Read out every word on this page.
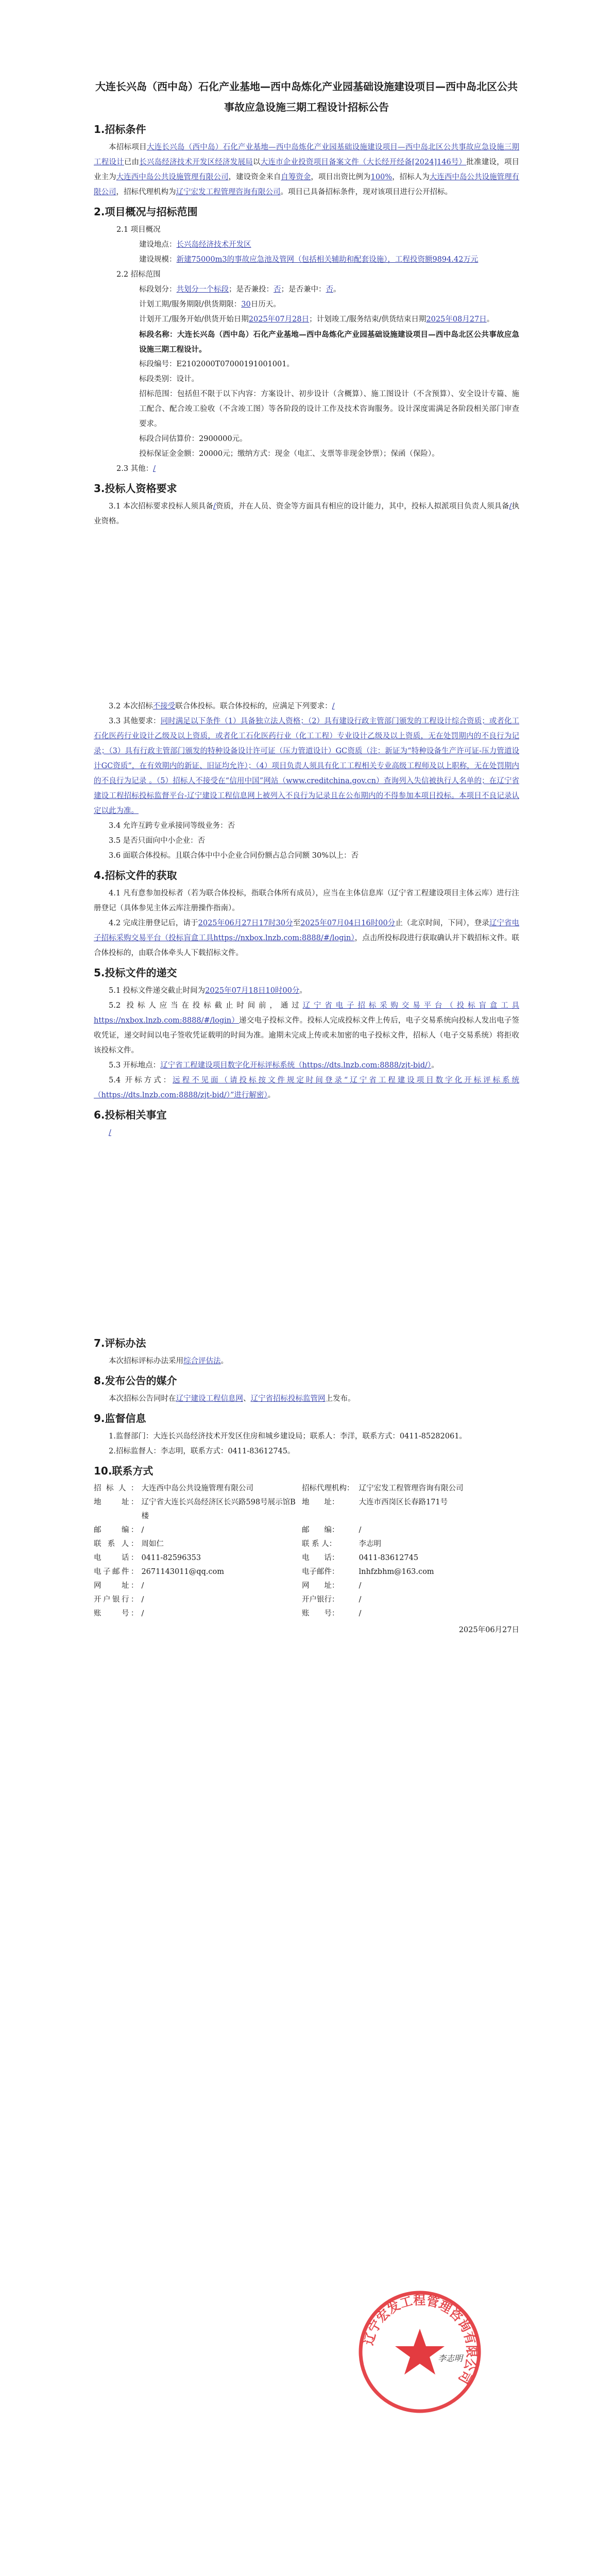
大连长兴岛（西中岛）石化产业基地—西中岛炼化产业园基础设施建设项目—西中岛北区公共事故应急设施三期工程设计招标公告
1.招标条件

本招标项目大连长兴岛（西中岛）石化产业基地—西中岛炼化产业园基础设施建设项目—西中岛北区公共事故应急设施三期工程设计已由长兴岛经济技术开发区经济发展局以大连市企业投资项目备案文件（大长经开经备[2024]146号）批准建设，项目业主为大连西中岛公共设施管理有限公司，建设资金来自自筹资金，项目出资比例为100%，招标人为大连西中岛公共设施管理有限公司，招标代理机构为辽宁宏发工程管理咨询有限公司。项目已具备招标条件，现对该项目进行公开招标。

2.项目概况与招标范围

2.1 项目概况

建设地点：长兴岛经济技术开发区

建设规模：新建75000m3的事故应急池及管网（包括相关辅助和配套设施），工程投资额9894.42万元

2.2 招标范围

标段划分：共划分一个标段；是否兼投：否；是否兼中：否。

计划工期/服务期限/供货期限：30日历天。

计划开工/服务开始/供货开始日期2025年07月28日；计划竣工/服务结束/供货结束日期2025年08月27日。

标段名称：大连长兴岛（西中岛）石化产业基地—西中岛炼化产业园基础设施建设项目—西中岛北区公共事故应急设施三期工程设计。

标段编号：E2102000T07000191001001。

标段类别：设计。

招标范围：包括但不限于以下内容：方案设计、初步设计（含概算）、施工图设计（不含预算）、安全设计专篇、施工配合、配合竣工验收（不含竣工图）等各阶段的设计工作及技术咨询服务。设计深度需满足各阶段相关部门审查要求。

标段合同估算价：2900000元。

投标保证金金额：20000元；缴纳方式：现金（电汇、支票等非现金钞票）；保函（保险）。

2.3 其他：/

3.投标人资格要求

3.1 本次招标要求投标人须具备/资质，并在人员、资金等方面具有相应的设计能力，其中，投标人拟派项目负责人须具备/执业资格。

3.2 本次招标不接受联合体投标。联合体投标的，应满足下列要求：/

3.3 其他要求：同时满足以下条件（1）具备独立法人资格；（2）具有建设行政主管部门颁发的工程设计综合资质；或者化工石化医药行业设计乙级及以上资质，或者化工石化医药行业（化工工程）专业设计乙级及以上资质，无在处罚期内的不良行为记录；（3）具有行政主管部门颁发的特种设备设计许可证（压力管道设计）GC资质（注：新证为“特种设备生产许可证-压力管道设计GC资质”，在有效期内的新证、旧证均允许）；（4）项目负责人须具有化工工程相关专业高级工程师及以上职称，无在处罚期内的不良行为记录 。（5）招标人不接受在“信用中国”网站（www.creditchina.gov.cn）查询列入失信被执行人名单的；在辽宁省建设工程招标投标监督平台-辽宁建设工程信息网上被列入不良行为记录且在公布期内的不得参加本项目投标。本项目不良记录认定以此为准。

3.4 允许互跨专业承接同等级业务：否

3.5 是否只面向中小企业：否

3.6 面联合体投标。且联合体中中小企业合同份额占总合同额 30%以上：否

4.招标文件的获取

4.1 凡有意参加投标者（若为联合体投标，指联合体所有成员），应当在主体信息库（辽宁省工程建设项目主体云库）进行注册登记（具体参见主体云库注册操作指南）。

4.2 完成注册登记后，请于2025年06月27日17时30分至2025年07月04日16时00分止（北京时间，下同），登录辽宁省电子招标采购交易平台（投标盲盒工具https://nxbox.lnzb.com:8888/#/login），点击所投标段进行获取确认并下载招标文件。联合体投标的，由联合体牵头人下载招标文件。

5.投标文件的递交

5.1 投标文件递交截止时间为2025年07月18日10时00分。

5.2 投标人应当在投标截止时间前，通过辽宁省电子招标采购交易平台（投标盲盒工具https://nxbox.lnzb.com:8888/#/login）递交电子投标文件。投标人完成投标文件上传后，电子交易系统向投标人发出电子签收凭证，递交时间以电子签收凭证载明的时间为准。逾期未完成上传或未加密的电子投标文件，招标人（电子交易系统）将拒收该投标文件。

5.3 开标地点：辽宁省工程建设项目数字化开标评标系统（https://dts.lnzb.com:8888/zjt-bid/）。

5.4 开标方式：远程不见面（请投标按文件规定时间登录“辽宁省工程建设项目数字化开标评标系统（https://dts.lnzb.com:8888/zjt-bid/）”进行解密）。

6.投标相关事宜

/

7.评标办法

本次招标评标办法采用综合评估法。

8.发布公告的媒介

本次招标公告同时在辽宁建设工程信息网、辽宁省招标投标监管网上发布。

9.监督信息

1.监督部门：大连长兴岛经济技术开发区住房和城乡建设局；联系人：李洋，联系方式：0411-85282061。

2.招标监督人：李志明，联系方式：0411-83612745。

10.联系方式
招标人：	大连西中岛公共设施管理有限公司	招标代理机构：	辽宁宏发工程管理咨询有限公司
地　　址：	辽宁省大连长兴岛经济区长兴路598号展示馆B楼	地　　址：	大连市西岗区长春路171号
邮　　编：	/	邮　　编：	/
联 系 人：	周如仁	联 系 人：	李志明
电　　话：	0411-82596353	电　　话：	0411-83612745
电子邮件：	2671143011@qq.com	电子邮件：	lnhfzbhm@163.com
网　　址：	/	网　　址：	/
开户银行：	/	开户银行：	/
账　　号：	/	账　　号：	/
2025年06月27日
辽宁宏发工程管理咨询有限公司
李志明
